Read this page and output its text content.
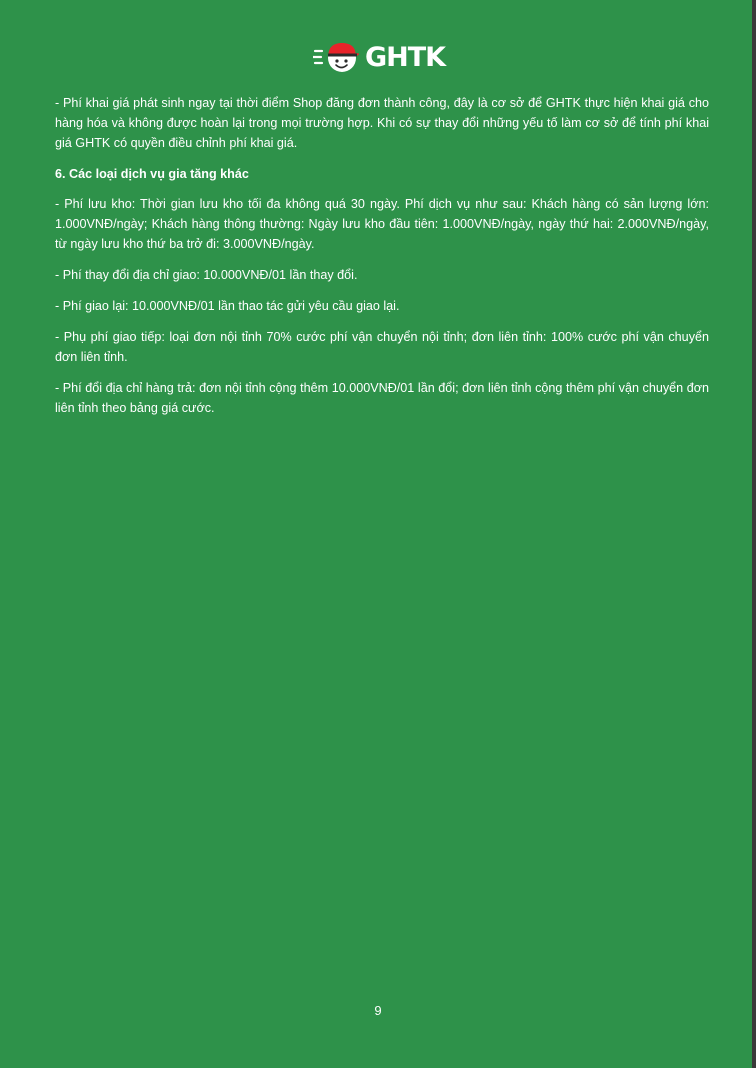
GHTK

- Phí khai giá phát sinh ngay tại thời điểm Shop đăng đơn thành công, đây là cơ sở để GHTK thực hiện khai giá cho hàng hóa và không được hoàn lại trong mọi trường hợp. Khi có sự thay đổi những yếu tố làm cơ sở để tính phí khai giá GHTK có quyền điều chỉnh phí khai giá.

6. Các loại dịch vụ gia tăng khác

- Phí lưu kho: Thời gian lưu kho tối đa không quá 30 ngày. Phí dịch vụ như sau: Khách hàng có sản lượng lớn: 1.000VNĐ/ngày; Khách hàng thông thường: Ngày lưu kho đầu tiên: 1.000VNĐ/ngày, ngày thứ hai: 2.000VNĐ/ngày, từ ngày lưu kho thứ ba trở đi: 3.000VNĐ/ngày.

- Phí thay đổi địa chỉ giao: 10.000VNĐ/01 lần thay đổi.

- Phí giao lại: 10.000VNĐ/01 lần thao tác gửi yêu cầu giao lại.

- Phụ phí giao tiếp: loại đơn nội tỉnh 70% cước phí vận chuyển nội tỉnh; đơn liên tỉnh: 100% cước phí vận chuyển đơn liên tỉnh.

- Phí đổi địa chỉ hàng trả: đơn nội tỉnh cộng thêm 10.000VNĐ/01 lần đổi; đơn liên tỉnh cộng thêm phí vận chuyển đơn liên tỉnh theo bảng giá cước.

9
